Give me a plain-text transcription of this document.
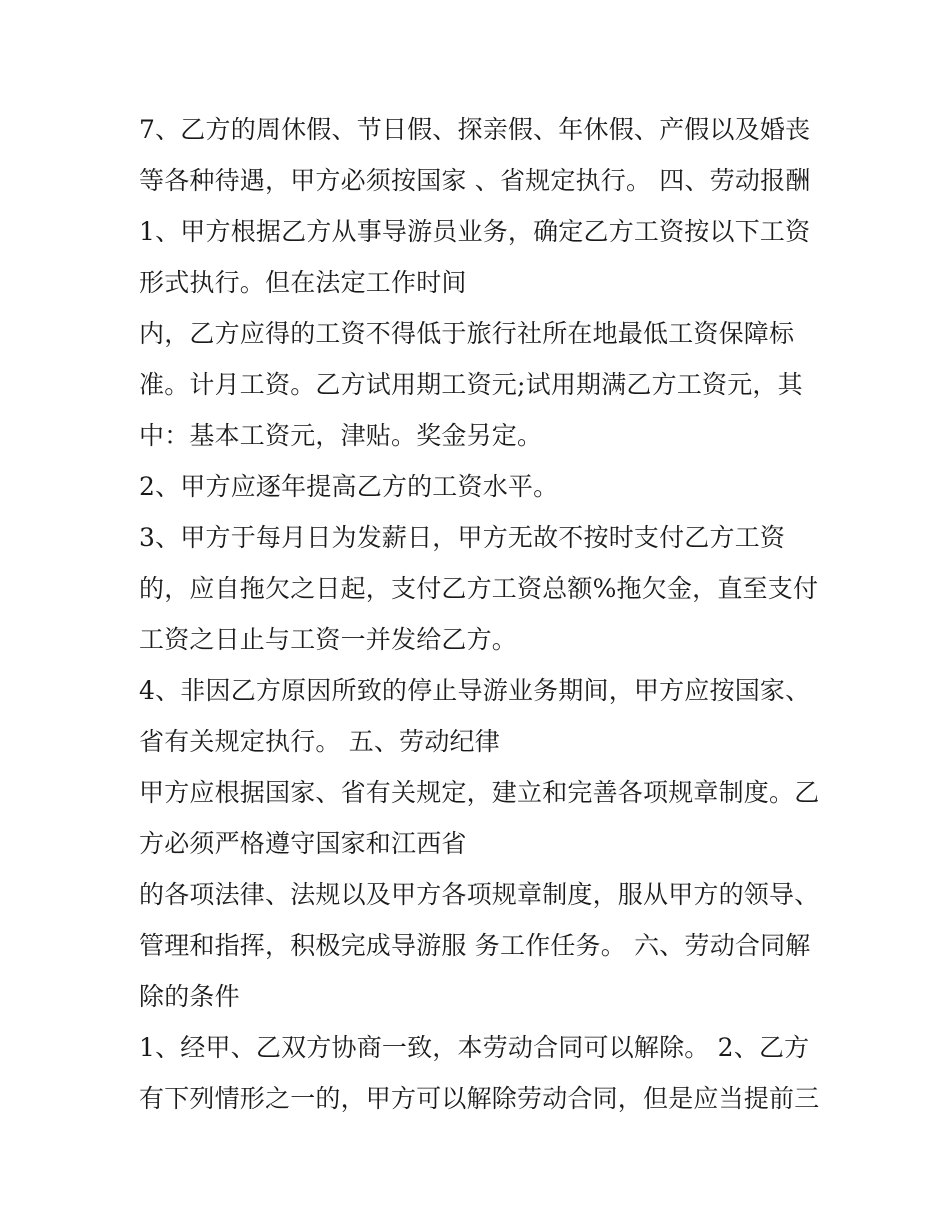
7、乙方的周休假、节日假、探亲假、年休假、产假以及婚丧
等各种待遇，甲方必须按国家 、省规定执行。 四、劳动报酬
1、甲方根据乙方从事导游员业务，确定乙方工资按以下工资
形式执行。但在法定工作时间
内，乙方应得的工资不得低于旅行社所在地最低工资保障标
准。计月工资。乙方试用期工资元;试用期满乙方工资元，其
中：基本工资元，津贴。奖金另定。
2、甲方应逐年提高乙方的工资水平。
3、甲方于每月日为发薪日，甲方无故不按时支付乙方工资
的，应自拖欠之日起，支付乙方工资总额%拖欠金，直至支付
工资之日止与工资一并发给乙方。
4、非因乙方原因所致的停止导游业务期间，甲方应按国家、
省有关规定执行。 五、劳动纪律
甲方应根据国家、省有关规定，建立和完善各项规章制度。乙
方必须严格遵守国家和江西省
的各项法律、法规以及甲方各项规章制度，服从甲方的领导、
管理和指挥，积极完成导游服 务工作任务。 六、劳动合同解
除的条件
1、经甲、乙双方协商一致，本劳动合同可以解除。 2、乙方
有下列情形之一的，甲方可以解除劳动合同，但是应当提前三
